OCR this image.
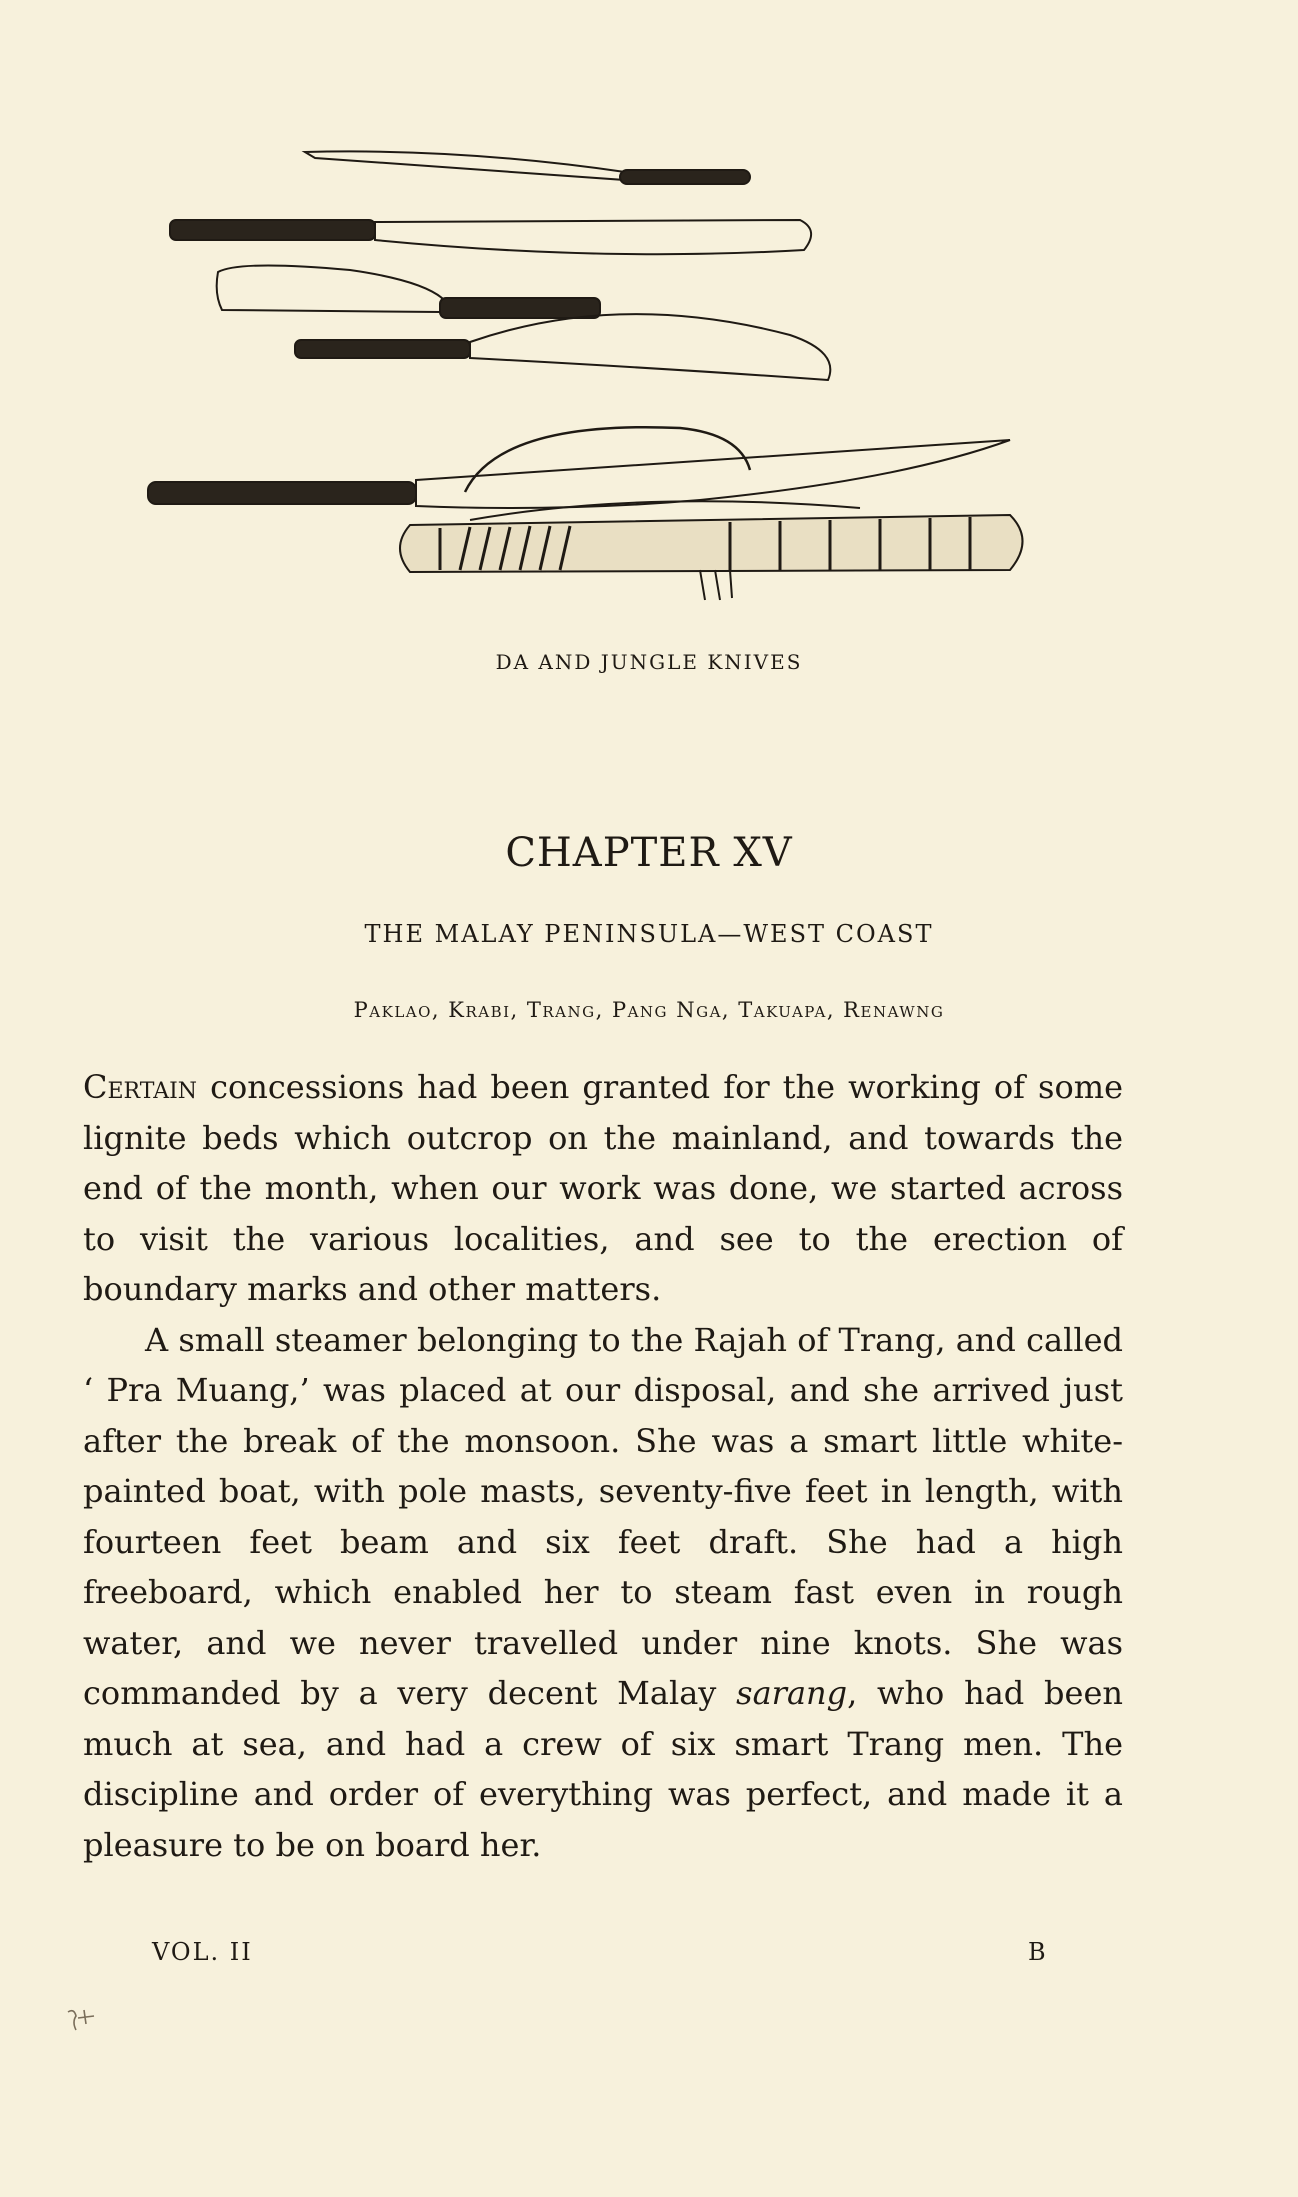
DA AND JUNGLE KNIVES
CHAPTER XV
THE MALAY PENINSULA—WEST COAST
Paklao, Krabi, Trang, Pang Nga, Takuapa, Renawng

Certain concessions had been granted for the working of some lignite beds which outcrop on the mainland, and towards the end of the month, when our work was done, we started across to visit the various localities, and see to the erection of boundary marks and other matters.

A small steamer belonging to the Rajah of Trang, and called ‘ Pra Muang,’ was placed at our disposal, and she arrived just after the break of the monsoon. She was a smart little white-painted boat, with pole masts, seventy-five feet in length, with fourteen feet beam and six feet draft. She had a high freeboard, which enabled her to steam fast even in rough water, and we never travelled under nine knots. She was commanded by a very decent Malay sarang, who had been much at sea, and had a crew of six smart Trang men. The discipline and order of everything was perfect, and made it a pleasure to be on board her.

VOL. II	B
